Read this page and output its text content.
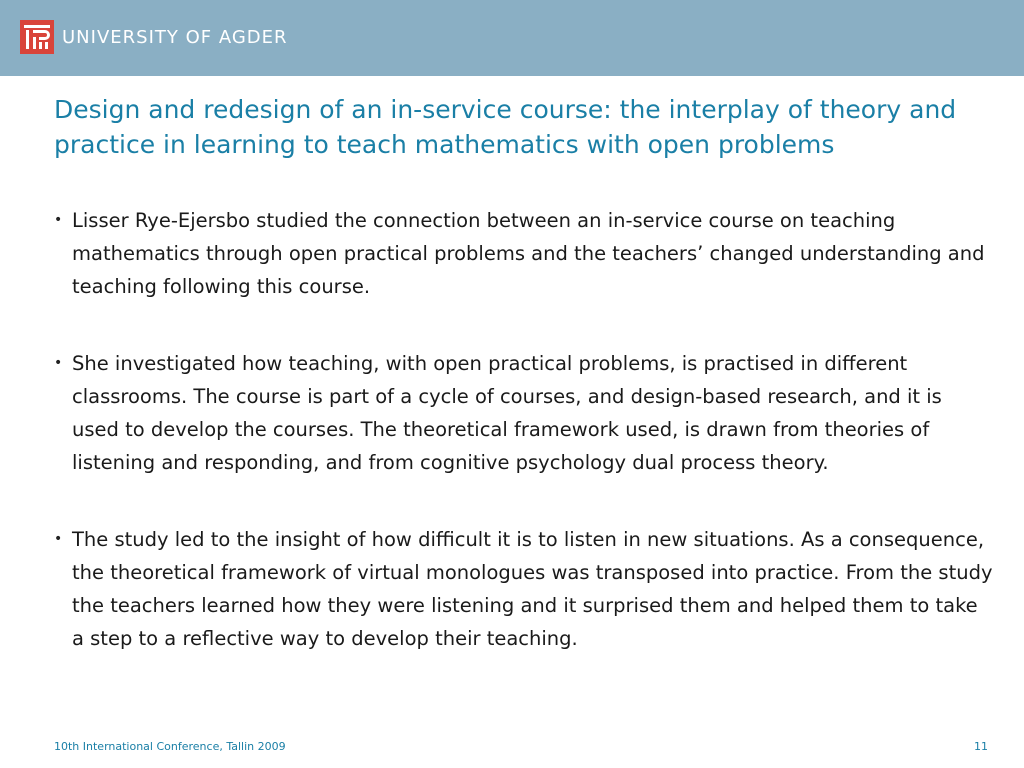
UNIVERSITY OF AGDER
Design and redesign of an in-service course: the interplay of theory and practice in learning to teach mathematics with open problems
• Lisser Rye-Ejersbo studied the connection between an in-service course on teaching mathematics through open practical problems and the teachers’ changed understanding and teaching following this course.
• She investigated how teaching, with open practical problems, is practised in different classrooms. The course is part of a cycle of courses, and design-based research, and it is used to develop the courses. The theoretical framework used, is drawn from theories of listening and responding, and from cognitive psychology dual process theory.
• The study led to the insight of how difficult it is to listen in new situations. As a consequence, the theoretical framework of virtual monologues was transposed into practice. From the study the teachers learned how they were listening and it surprised them and helped them to take a step to a reflective way to develop their teaching.
10th International Conference, Tallin 2009	11
